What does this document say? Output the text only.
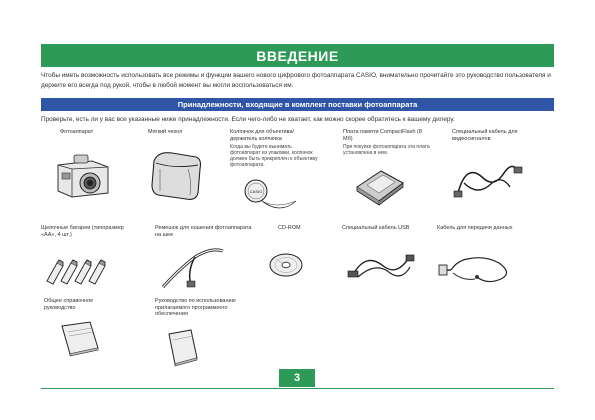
ВВЕДЕНИЕ
Чтобы иметь возможность использовать все режимы и функции вашего нового цифрового фотоаппарата CASIO, внимательно прочитайте это руководство пользователя и держите его всегда под рукой, чтобы в любой момент вы могли воспользоваться им.
Принадлежности, входящие в комплект поставки фотоаппарата
Проверьте, есть ли у вас все указанные ниже принадлежности. Если чего-либо не хватает, как можно скорее обратитесь к вашему дилеру.
Фотоаппарат	Мягкий чехол	Колпачок для объектива/держатель колпачка
Когда вы будете вынимать фотоаппарат из упаковки, колпачок должен быть прикреплен к объективу фотоаппарата.
CASIO
Плата памяти CompactFlash (8 Мб)
При покупке фотоаппарата эта плата установлена в нем.
Специальный кабель для видеосигналов
Щелочные батареи (типоразмер «AA», 4 шт.)
Ремешок для ношения фотоаппарата на шее
CD-ROM	Специальный кабель USB	Кабель для передачи данных
Общее справочное руководство
Руководство по использованию прилагаемого программного обеспечения
3
